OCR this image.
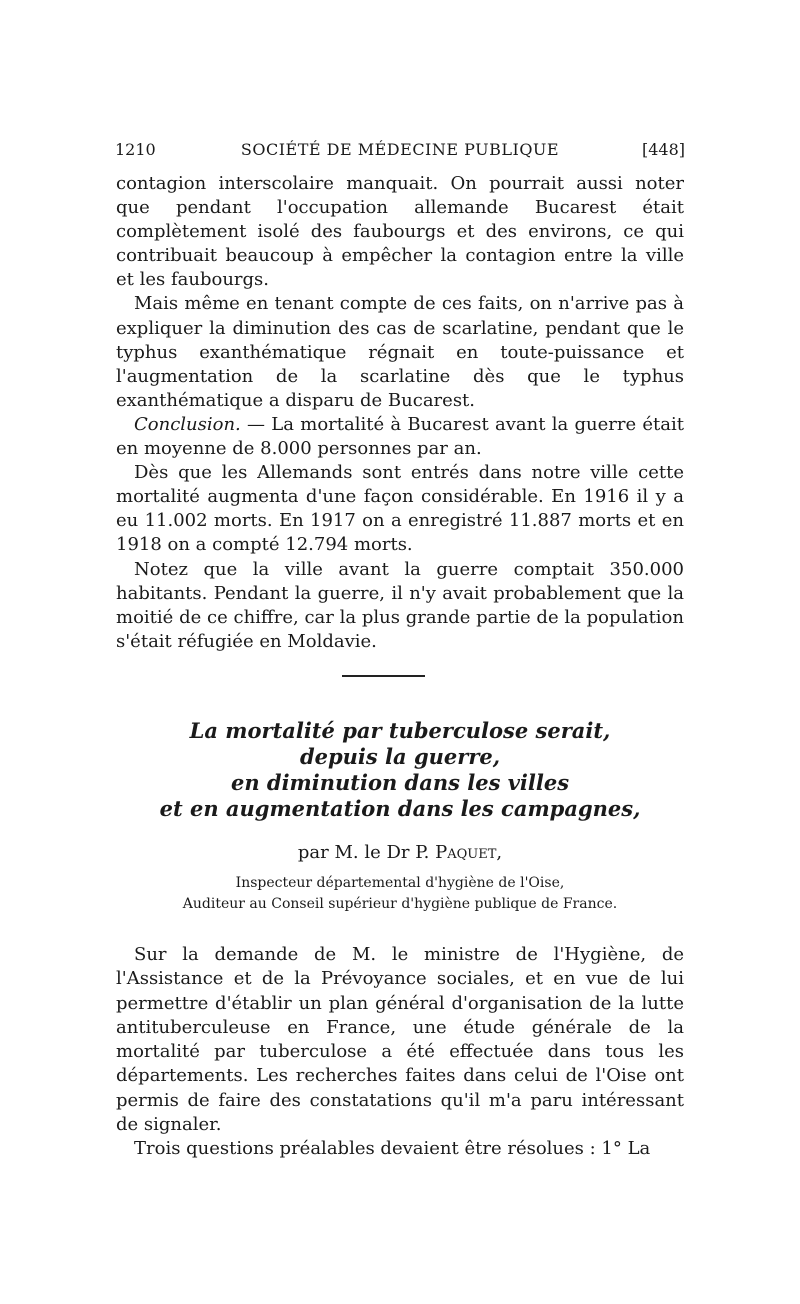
1210	SOCIÉTÉ DE MÉDECINE PUBLIQUE	[448]

contagion interscolaire manquait. On pourrait aussi noter que pendant l'occupation allemande Bucarest était complètement isolé des faubourgs et des environs, ce qui contribuait beaucoup à empêcher la contagion entre la ville et les faubourgs.

Mais même en tenant compte de ces faits, on n'arrive pas à expliquer la diminution des cas de scarlatine, pendant que le typhus exanthématique régnait en toute-puissance et l'augmentation de la scarlatine dès que le typhus exanthématique a disparu de Bucarest.

Conclusion. — La mortalité à Bucarest avant la guerre était en moyenne de 8.000 personnes par an.

Dès que les Allemands sont entrés dans notre ville cette mortalité augmenta d'une façon considérable. En 1916 il y a eu 11.002 morts. En 1917 on a enregistré 11.887 morts et en 1918 on a compté 12.794 morts.

Notez que la ville avant la guerre comptait 350.000 habitants. Pendant la guerre, il n'y avait probablement que la moitié de ce chiffre, car la plus grande partie de la population s'était réfugiée en Moldavie.

La mortalité par tuberculose serait,
depuis la guerre,
en diminution dans les villes
et en augmentation dans les campagnes,
par M. le Dr P. Paquet,
Inspecteur départemental d'hygiène de l'Oise,
Auditeur au Conseil supérieur d'hygiène publique de France.

Sur la demande de M. le ministre de l'Hygiène, de l'Assistance et de la Prévoyance sociales, et en vue de lui permettre d'établir un plan général d'organisation de la lutte antituberculeuse en France, une étude générale de la mortalité par tuberculose a été effectuée dans tous les départements. Les recherches faites dans celui de l'Oise ont permis de faire des constatations qu'il m'a paru intéressant de signaler.

Trois questions préalables devaient être résolues : 1° La
